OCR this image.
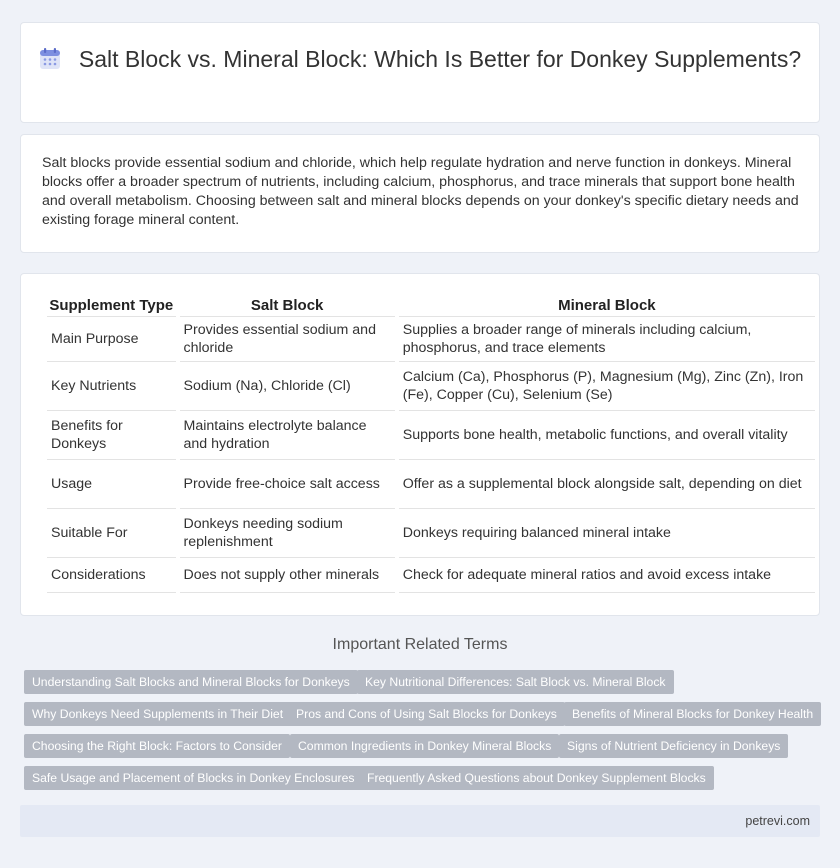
Salt Block vs. Mineral Block: Which Is Better for Donkey Supplements?

Salt blocks provide essential sodium and chloride, which help regulate hydration and nerve function in donkeys. Mineral blocks offer a broader spectrum of nutrients, including calcium, phosphorus, and trace minerals that support bone health and overall metabolism. Choosing between salt and mineral blocks depends on your donkey's specific dietary needs and existing forage mineral content.

Supplement Type	Salt Block	Mineral Block
Main Purpose	Provides essential sodium and chloride	Supplies a broader range of minerals including calcium, phosphorus, and trace elements
Key Nutrients	Sodium (Na), Chloride (Cl)	Calcium (Ca), Phosphorus (P), Magnesium (Mg), Zinc (Zn), Iron (Fe), Copper (Cu), Selenium (Se)
Benefits for Donkeys	Maintains electrolyte balance and hydration	Supports bone health, metabolic functions, and overall vitality
Usage	Provide free-choice salt access	Offer as a supplemental block alongside salt, depending on diet
Suitable For	Donkeys needing sodium replenishment	Donkeys requiring balanced mineral intake
Considerations	Does not supply other minerals	Check for adequate mineral ratios and avoid excess intake
Important Related Terms
Understanding Salt Blocks and Mineral Blocks for Donkeys	Key Nutritional Differences: Salt Block vs. Mineral Block
Why Donkeys Need Supplements in Their Diet	Pros and Cons of Using Salt Blocks for Donkeys	Benefits of Mineral Blocks for Donkey Health
Choosing the Right Block: Factors to Consider	Common Ingredients in Donkey Mineral Blocks	Signs of Nutrient Deficiency in Donkeys
Safe Usage and Placement of Blocks in Donkey Enclosures	Frequently Asked Questions about Donkey Supplement Blocks
petrevi.com
